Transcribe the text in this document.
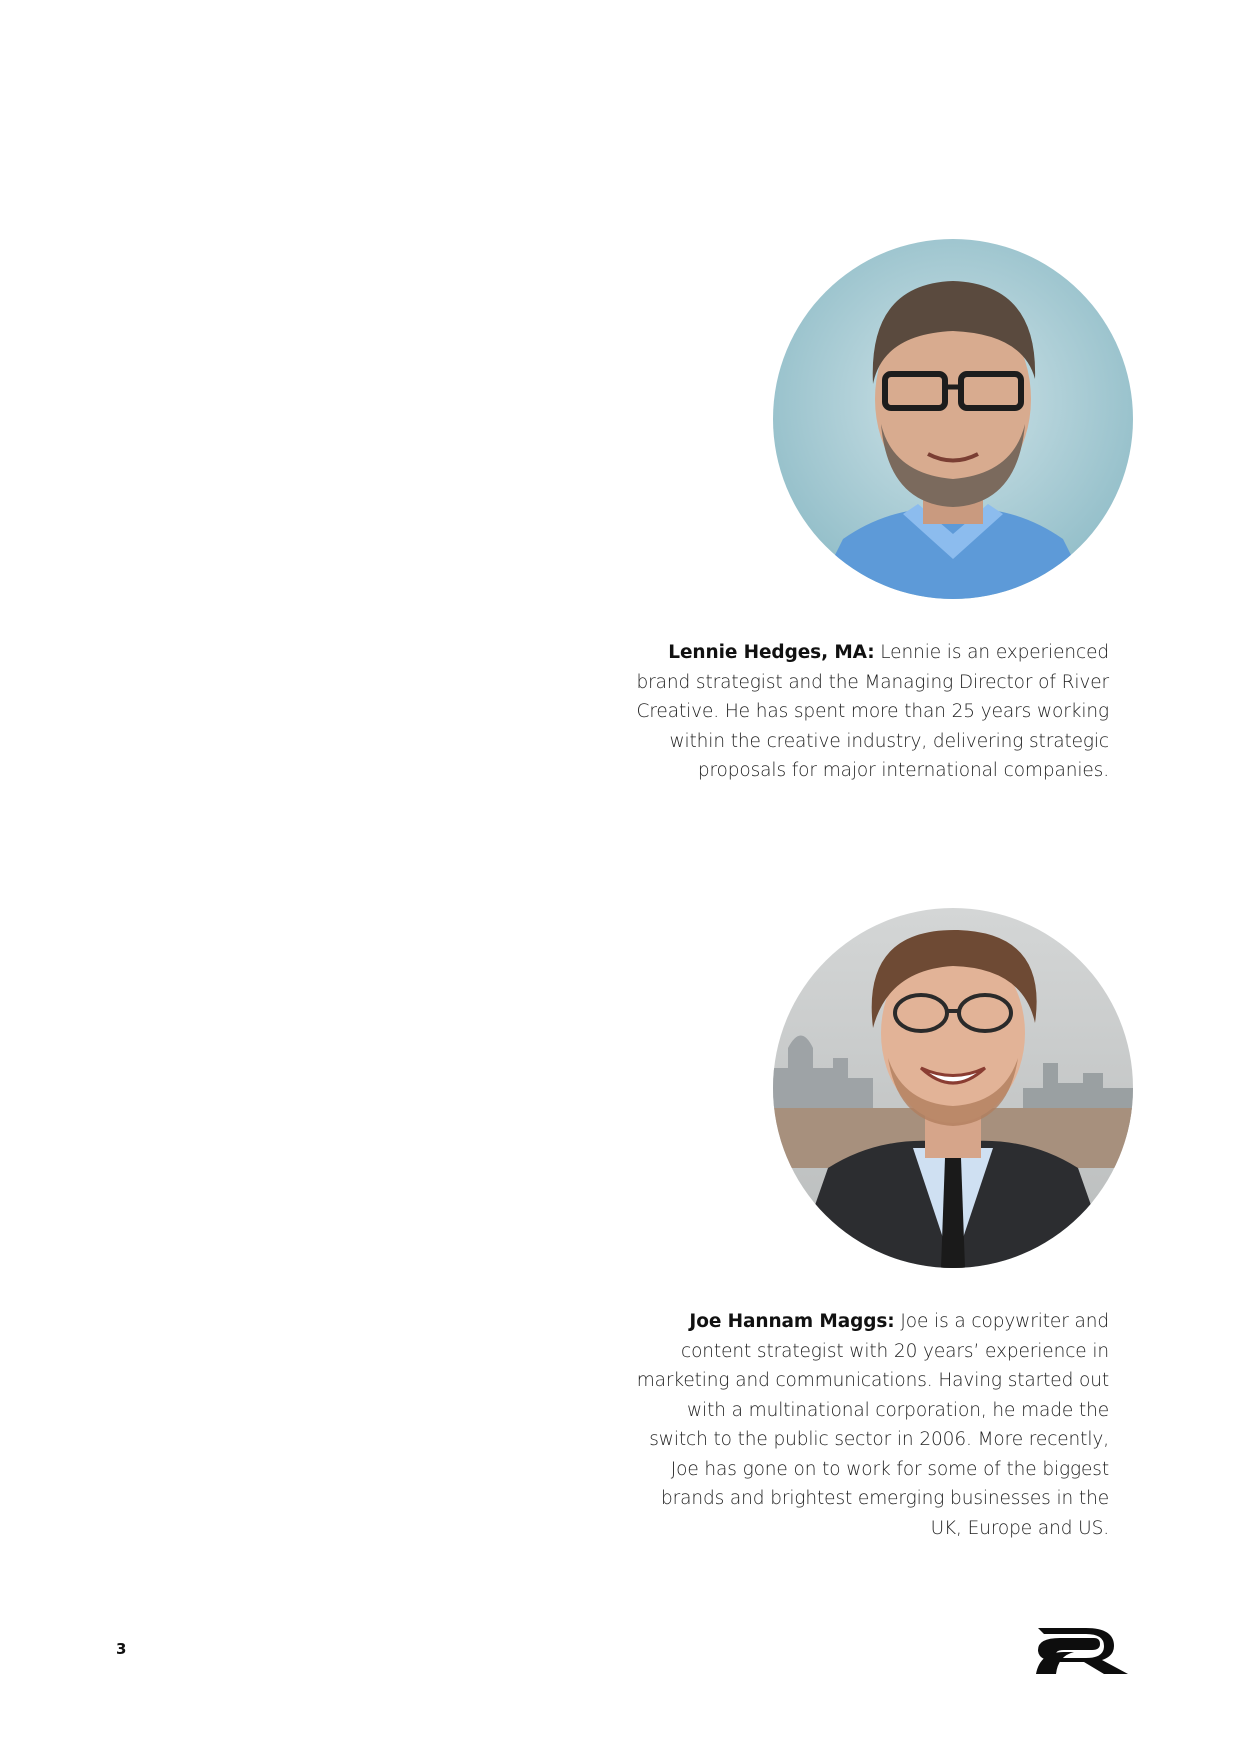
Lennie Hedges, MA: Lennie is an experienced brand strategist and the Managing Director of River Creative. He has spent more than 25 years working within the creative industry, delivering strategic proposals for major international companies.
Joe Hannam Maggs: Joe is a copywriter and content strategist with 20 years’ experience in marketing and communications. Having started out with a multinational corporation, he made the switch to the public sector in 2006. More recently, Joe has gone on to work for some of the biggest brands and brightest emerging businesses in the UK, Europe and US.
3
